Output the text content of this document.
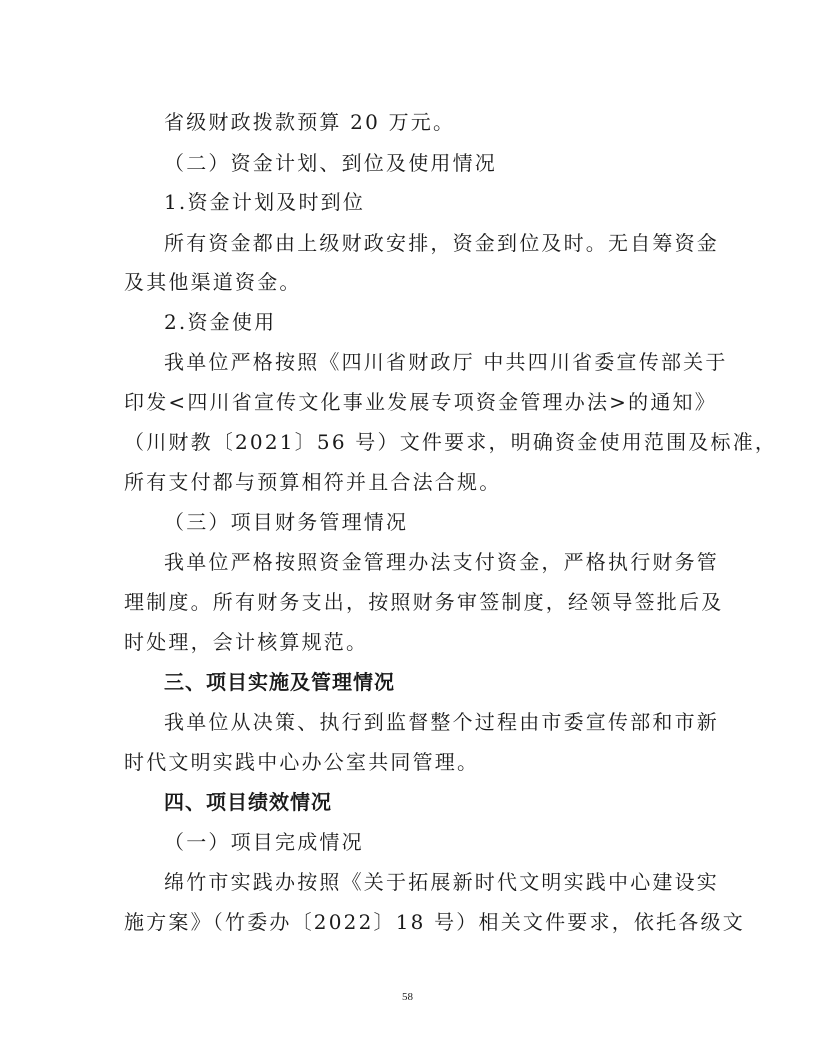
省级财政拨款预算 20 万元。
（二）资金计划、到位及使用情况
1.资金计划及时到位
所有资金都由上级财政安排，资金到位及时。无自筹资金
及其他渠道资金。
2.资金使用
我单位严格按照《四川省财政厅 中共四川省委宣传部关于
印发<四川省宣传文化事业发展专项资金管理办法>的通知》
（川财教〔2021〕56 号）文件要求，明确资金使用范围及标准，
所有支付都与预算相符并且合法合规。
（三）项目财务管理情况
我单位严格按照资金管理办法支付资金，严格执行财务管
理制度。所有财务支出，按照财务审签制度，经领导签批后及
时处理，会计核算规范。
三、项目实施及管理情况
我单位从决策、执行到监督整个过程由市委宣传部和市新
时代文明实践中心办公室共同管理。
四、项目绩效情况
（一）项目完成情况
绵竹市实践办按照《关于拓展新时代文明实践中心建设实
施方案》（竹委办〔2022〕18 号）相关文件要求，依托各级文
58
